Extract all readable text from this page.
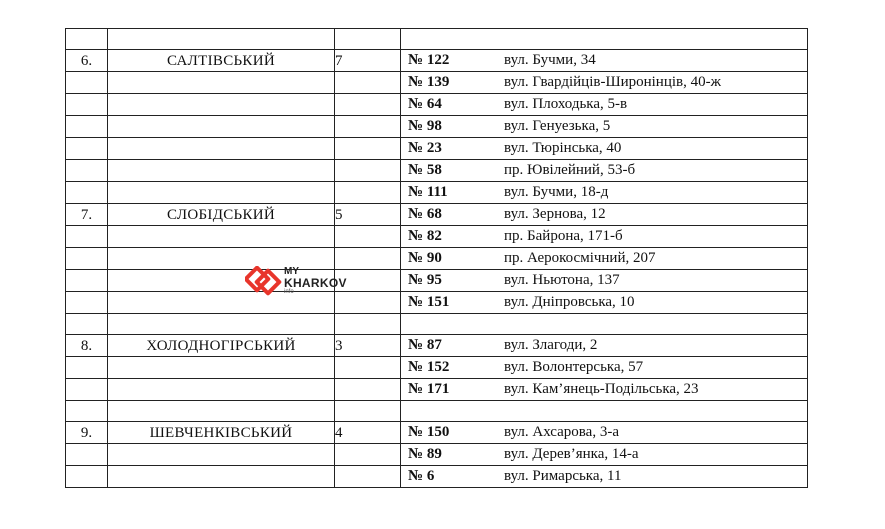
6.	САЛТІВСЬКИЙ	7	№ 122 вул. Бучми, 34

			№ 139 вул. Гвардійців-Широнінців, 40-ж

			№ 64 вул. Плоходька, 5-в

			№ 98 вул. Генуезька, 5

			№ 23 вул. Тюрінська, 40

			№ 58 пр. Ювілейний, 53-б

			№ 111 вул. Бучми, 18-д

7.	СЛОБІДСЬКИЙ	5	№ 68 вул. Зернова, 12

			№ 82 пр. Байрона, 171-б

			№ 90 пр. Аерокосмічний, 207

			№ 95 вул. Ньютона, 137

			№ 151 вул. Дніпровська, 10

8.	ХОЛОДНОГІРСЬКИЙ	3	№ 87 вул. Злагоди, 2

			№ 152 вул. Волонтерська, 57

			№ 171 вул. Кам’янець-Подільська, 23

9.	ШЕВЧЕНКІВСЬКИЙ	4	№ 150 вул. Ахсарова, 3-а

			№ 89 вул. Дерев’янка, 14-а

			№ 6 вул. Римарська, 11
MY
KHARKOV
info
